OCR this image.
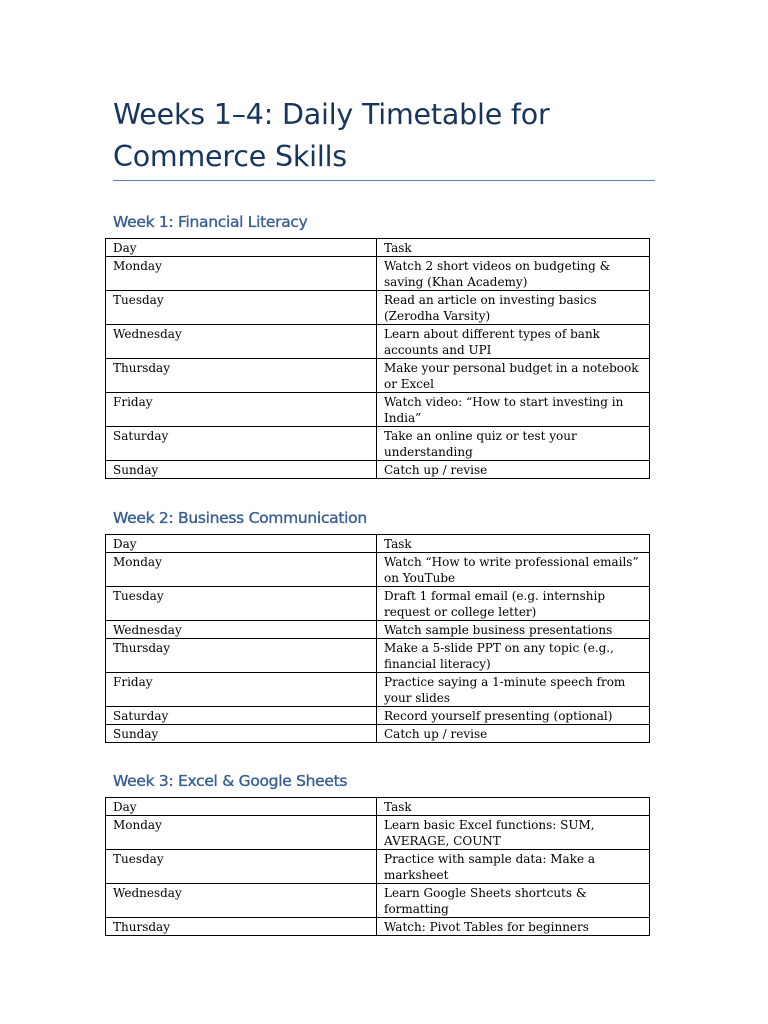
Weeks 1–4: Daily Timetable for Commerce Skills
Week 1: Financial Literacy
Day	Task
Monday	Watch 2 short videos on budgeting & saving (Khan Academy)
Tuesday	Read an article on investing basics (Zerodha Varsity)
Wednesday	Learn about different types of bank accounts and UPI
Thursday	Make your personal budget in a notebook or Excel
Friday	Watch video: “How to start investing in India”
Saturday	Take an online quiz or test your understanding
Sunday	Catch up / revise
Week 2: Business Communication
Day	Task
Monday	Watch “How to write professional emails” on YouTube
Tuesday	Draft 1 formal email (e.g. internship request or college letter)
Wednesday	Watch sample business presentations
Thursday	Make a 5-slide PPT on any topic (e.g., financial literacy)
Friday	Practice saying a 1-minute speech from your slides
Saturday	Record yourself presenting (optional)
Sunday	Catch up / revise
Week 3: Excel & Google Sheets
Day	Task
Monday	Learn basic Excel functions: SUM, AVERAGE, COUNT
Tuesday	Practice with sample data: Make a marksheet
Wednesday	Learn Google Sheets shortcuts & formatting
Thursday	Watch: Pivot Tables for beginners
